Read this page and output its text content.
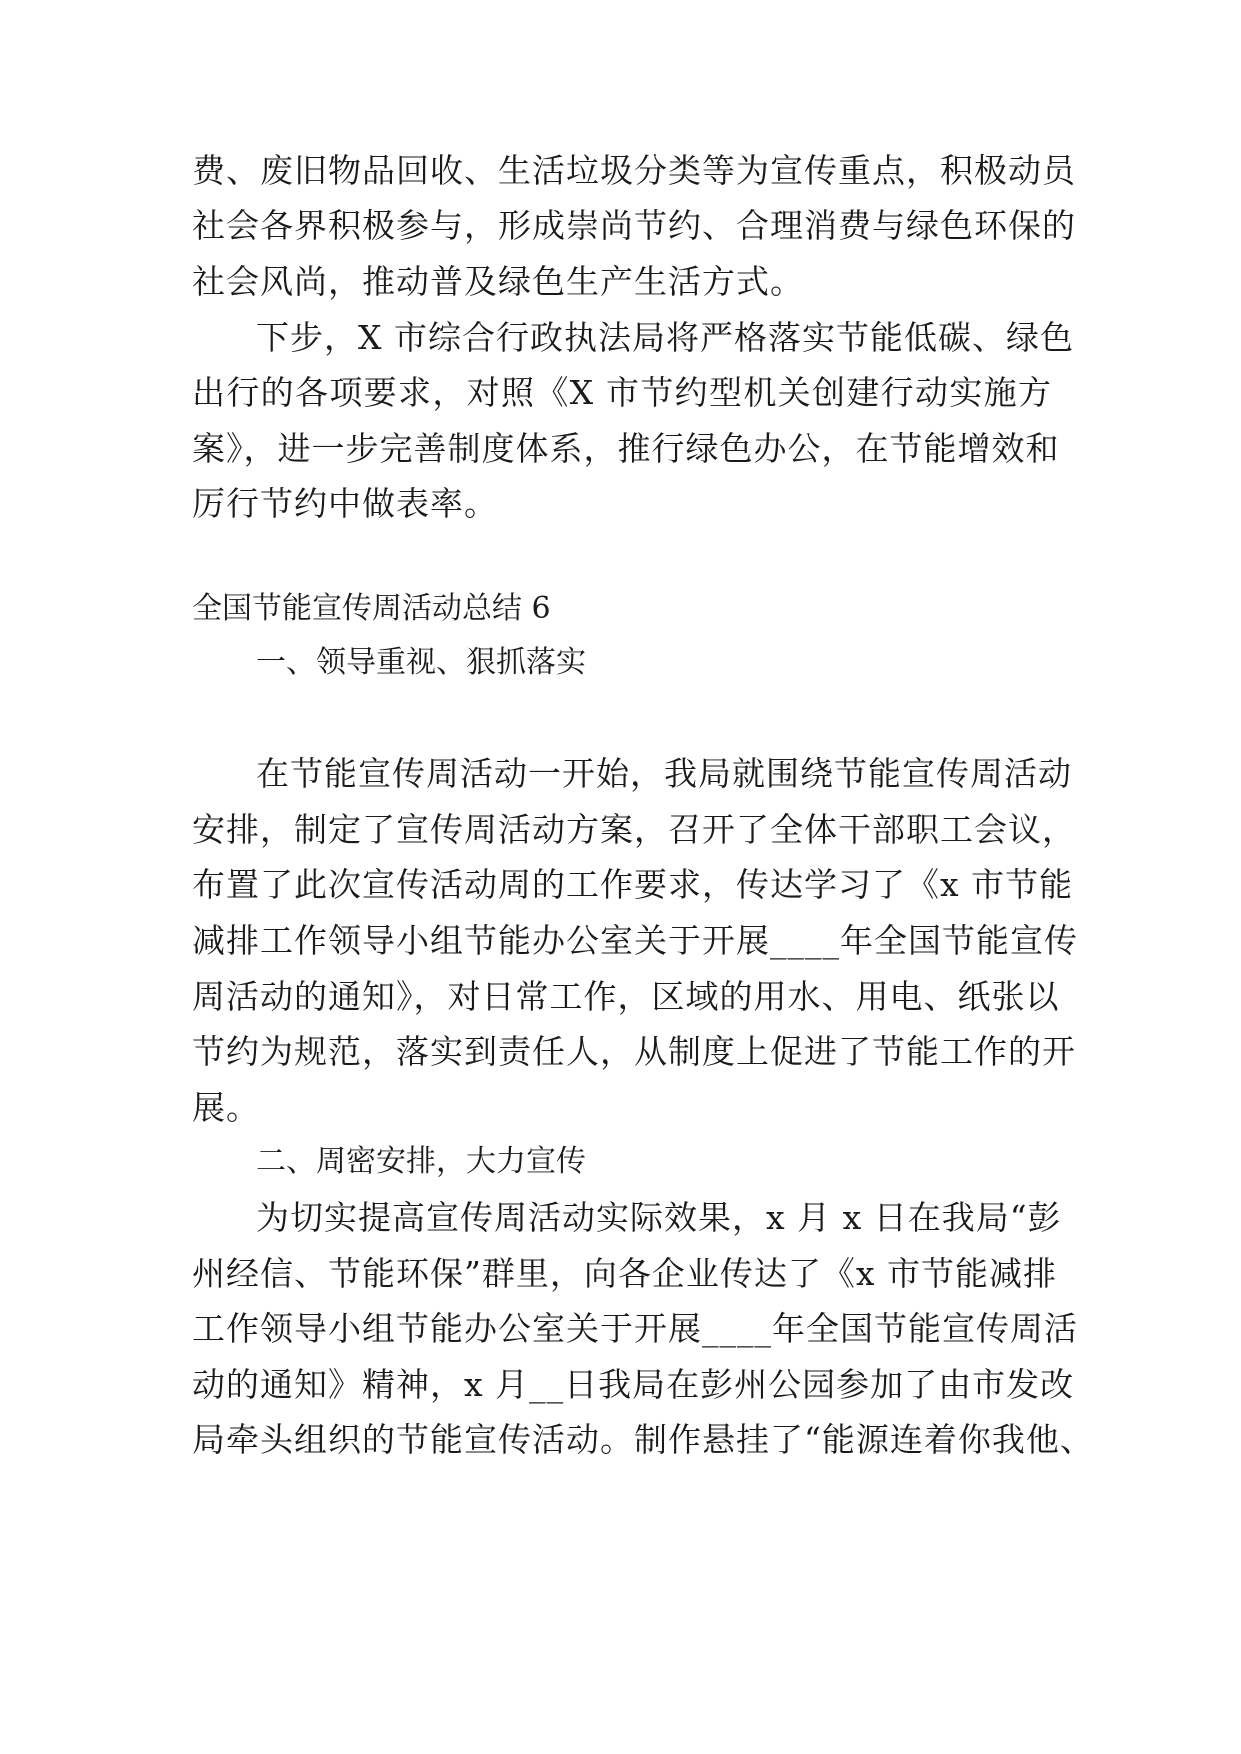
费、废旧物品回收、生活垃圾分类等为宣传重点，积极动员
社会各界积极参与，形成崇尚节约、合理消费与绿色环保的
社会风尚，推动普及绿色生产生活方式。
下步，X 市综合行政执法局将严格落实节能低碳、绿色
出行的各项要求，对照《X 市节约型机关创建行动实施方
案》，进一步完善制度体系，推行绿色办公，在节能增效和
厉行节约中做表率。
全国节能宣传周活动总结 6
一、领导重视、狠抓落实
在节能宣传周活动一开始，我局就围绕节能宣传周活动
安排，制定了宣传周活动方案，召开了全体干部职工会议，
布置了此次宣传活动周的工作要求，传达学习了《x 市节能
减排工作领导小组节能办公室关于开展____年全国节能宣传
周活动的通知》，对日常工作，区域的用水、用电、纸张以
节约为规范，落实到责任人，从制度上促进了节能工作的开
展。
二、周密安排，大力宣传
为切实提高宣传周活动实际效果，x 月 x 日在我局“彭
州经信、节能环保”群里，向各企业传达了《x 市节能减排
工作领导小组节能办公室关于开展____年全国节能宣传周活
动的通知》精神，x 月__日我局在彭州公园参加了由市发改
局牵头组织的节能宣传活动。制作悬挂了“能源连着你我他、
